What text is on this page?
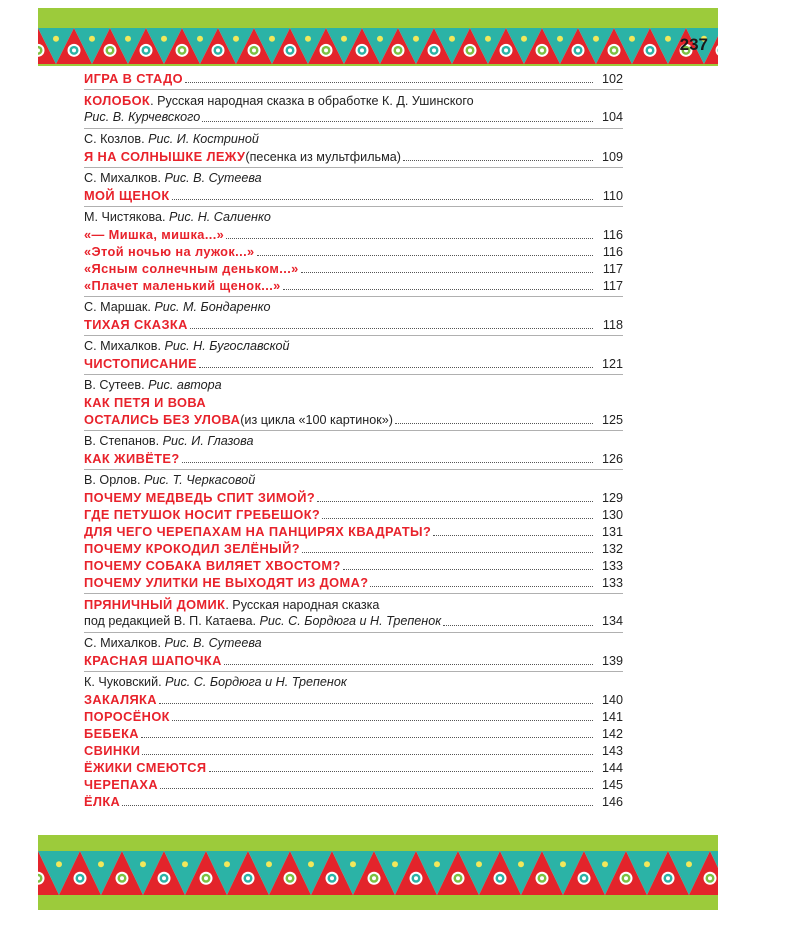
237
ИГРА В СТАДО	102
КОЛОБОК . Русская народная сказка в обработке К. Д. Ушинского
Рис. В. Курчевского	104
С. Козлов.
Рис. И. Костриной
Я НА СОЛНЫШКЕ ЛЕЖУ (песенка из мультфильма)	109
С. Михалков.
Рис. В. Сутеева
МОЙ ЩЕНОК	110
М. Чистякова.
Рис. Н. Салиенко
«— Мишка, мишка...»	116
«Этой ночью на лужок...»	116
«Ясным солнечным деньком...»	117
«Плачет маленький щенок...»	117
С. Маршак.
Рис. М. Бондаренко
ТИХАЯ СКАЗКА	118
С. Михалков.
Рис. Н. Бугославской
ЧИСТОПИСАНИЕ	121
В. Сутеев.
Рис. автора
КАК ПЕТЯ И ВОВА
ОСТАЛИСЬ БЕЗ УЛОВА (из цикла «100 картинок»)	125
В. Степанов.
Рис. И. Глазова
КАК ЖИВЁТЕ?	126
В. Орлов.
Рис. Т. Черкасовой
ПОЧЕМУ МЕДВЕДЬ СПИТ ЗИМОЙ?	129
ГДЕ ПЕТУШОК НОСИТ ГРЕБЕШОК?	130
ДЛЯ ЧЕГО ЧЕРЕПАХАМ НА ПАНЦИРЯХ КВАДРАТЫ?	131
ПОЧЕМУ КРОКОДИЛ ЗЕЛЁНЫЙ?	132
ПОЧЕМУ СОБАКА ВИЛЯЕТ ХВОСТОМ?	133
ПОЧЕМУ УЛИТКИ НЕ ВЫХОДЯТ ИЗ ДОМА?	133
ПРЯНИЧНЫЙ ДОМИК . Русская народная сказка
под редакцией В. П. Катаева.
Рис. С. Бордюга и Н. Трепенок	134
С. Михалков.
Рис. В. Сутеева
КРАСНАЯ ШАПОЧКА	139
К. Чуковский.
Рис. С. Бордюга и Н. Трепенок
ЗАКАЛЯКА	140
ПОРОСЁНОК	141
БЕБЕКА	142
СВИНКИ	143
ЁЖИКИ СМЕЮТСЯ	144
ЧЕРЕПАХА	145
ЁЛКА	146
